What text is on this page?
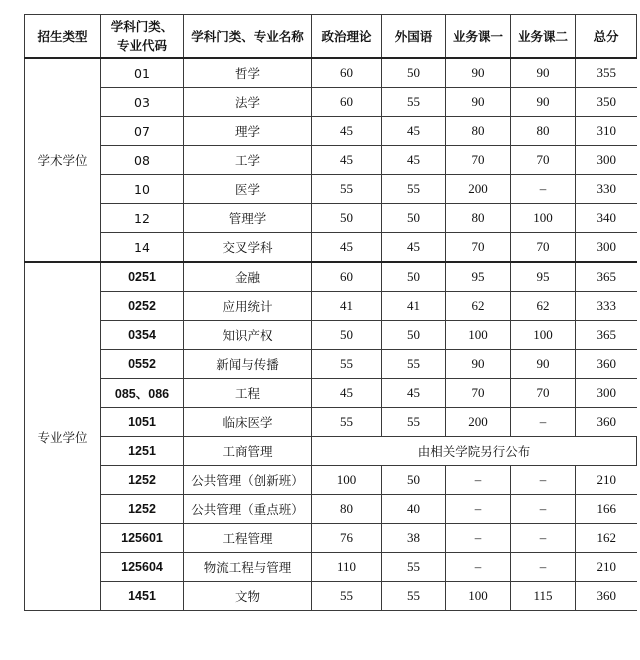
招生类型	学科门类、专业代码	学科门类、专业名称	政治理论	外国语	业务课一	业务课二	总分
学术学位	01	哲学	60	50	90	90	355
	03	法学	60	55	90	90	350
	07	理学	45	45	80	80	310
	08	工学	45	45	70	70	300
	10	医学	55	55	200	–	330
	12	管理学	50	50	80	100	340
	14	交叉学科	45	45	70	70	300
专业学位	0251	金融	60	50	95	95	365
	0252	应用统计	41	41	62	62	333
	0354	知识产权	50	50	100	100	365
	0552	新闻与传播	55	55	90	90	360
	085、086	工程	45	45	70	70	300
	1051	临床医学	55	55	200	–	360
	1251	工商管理	由相关学院另行公布				
	1252	公共管理（创新班）	100	50	–	–	210
	1252	公共管理（重点班）	80	40	–	–	166
	125601	工程管理	76	38	–	–	162
	125604	物流工程与管理	110	55	–	–	210
	1451	文物	55	55	100	115	360
